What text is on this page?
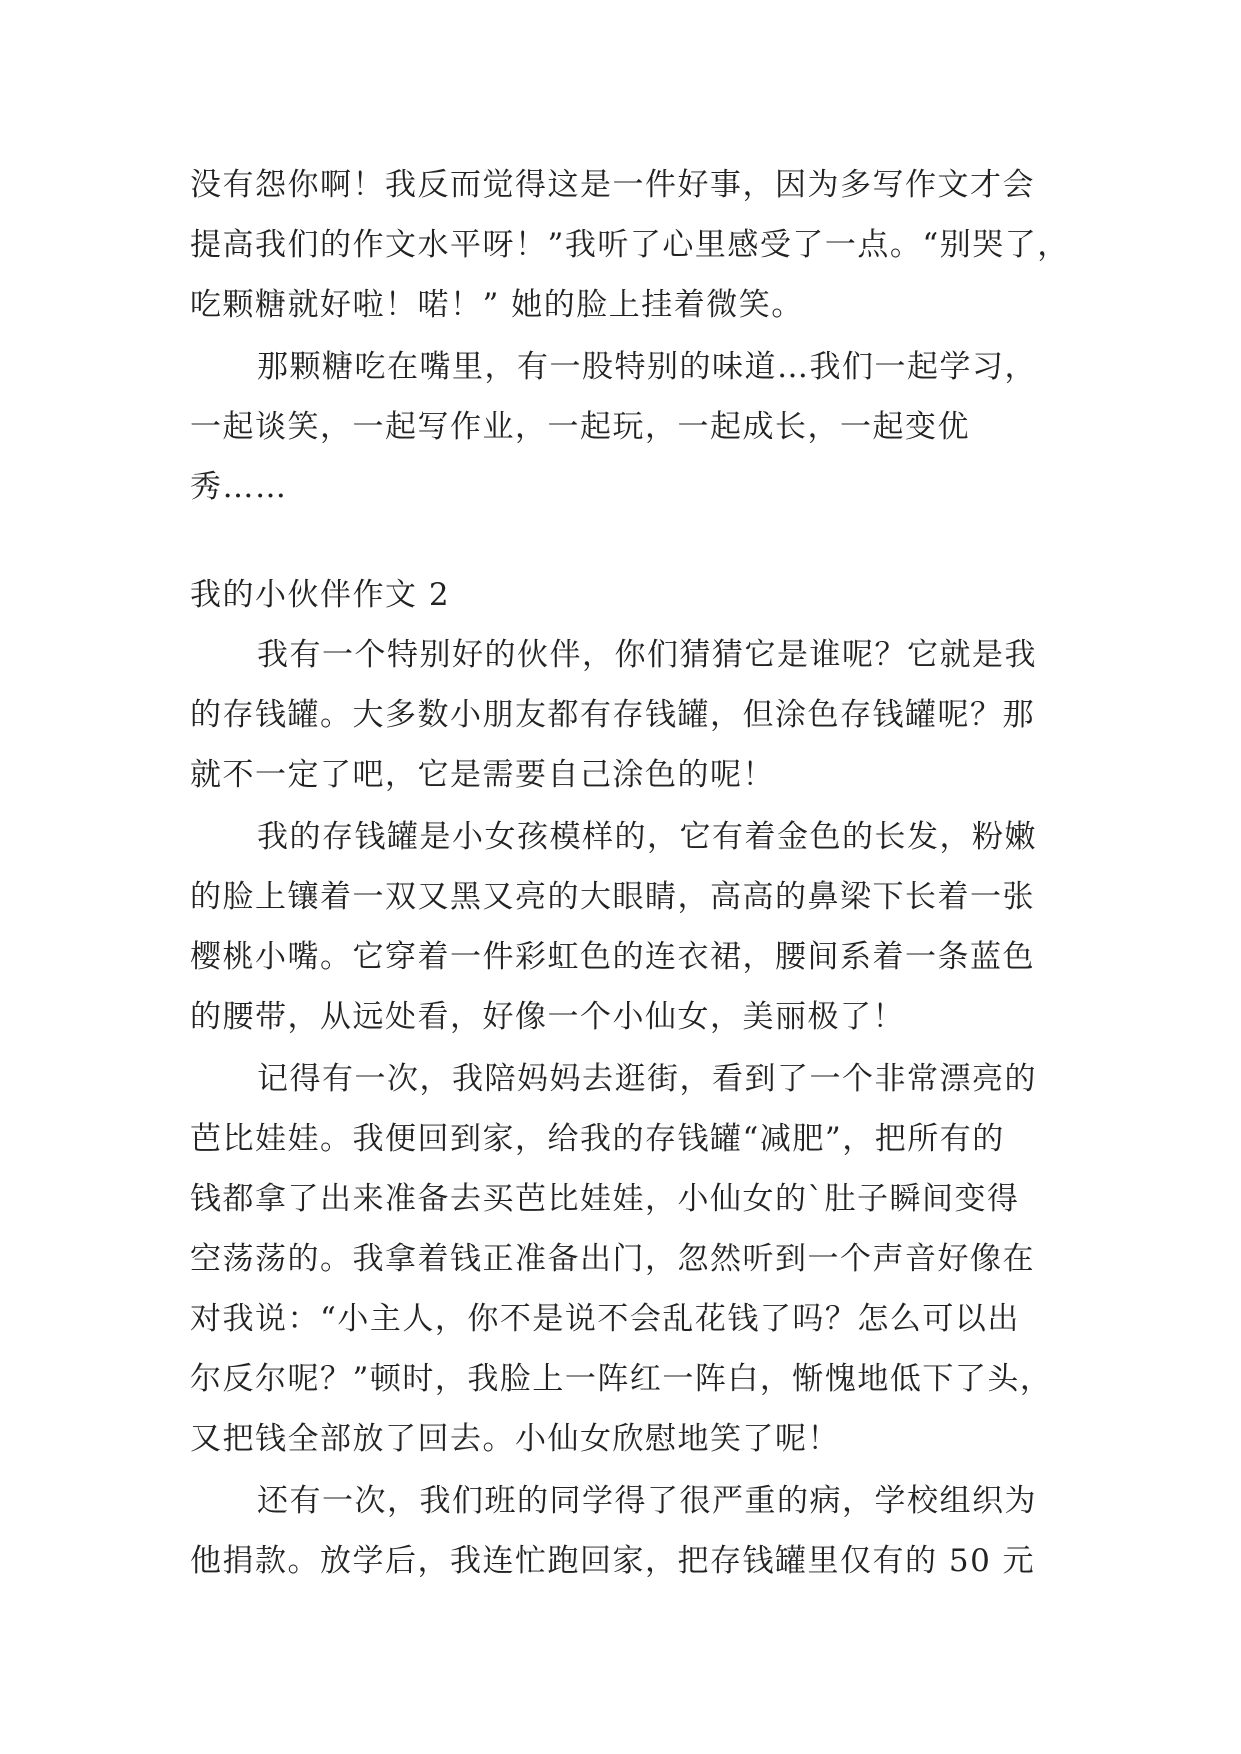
没有怨你啊！我反而觉得这是一件好事，因为多写作文才会
提高我们的作文水平呀！”我听了心里感受了一点。“别哭了，
吃颗糖就好啦！喏！” 她的脸上挂着微笑。
那颗糖吃在嘴里，有一股特别的味道…我们一起学习，
一起谈笑，一起写作业，一起玩，一起成长，一起变优
秀……
我的小伙伴作文 2
我有一个特别好的伙伴，你们猜猜它是谁呢？它就是我
的存钱罐。大多数小朋友都有存钱罐，但涂色存钱罐呢？那
就不一定了吧，它是需要自己涂色的呢！
我的存钱罐是小女孩模样的，它有着金色的长发，粉嫩
的脸上镶着一双又黑又亮的大眼睛，高高的鼻梁下长着一张
樱桃小嘴。它穿着一件彩虹色的连衣裙，腰间系着一条蓝色
的腰带，从远处看，好像一个小仙女，美丽极了！
记得有一次，我陪妈妈去逛街，看到了一个非常漂亮的
芭比娃娃。我便回到家，给我的存钱罐“减肥”，把所有的
钱都拿了出来准备去买芭比娃娃，小仙女的`肚子瞬间变得
空荡荡的。我拿着钱正准备出门，忽然听到一个声音好像在
对我说：“小主人，你不是说不会乱花钱了吗？怎么可以出
尔反尔呢？”顿时，我脸上一阵红一阵白，惭愧地低下了头，
又把钱全部放了回去。小仙女欣慰地笑了呢！
还有一次，我们班的同学得了很严重的病，学校组织为
他捐款。放学后，我连忙跑回家，把存钱罐里仅有的 50 元
